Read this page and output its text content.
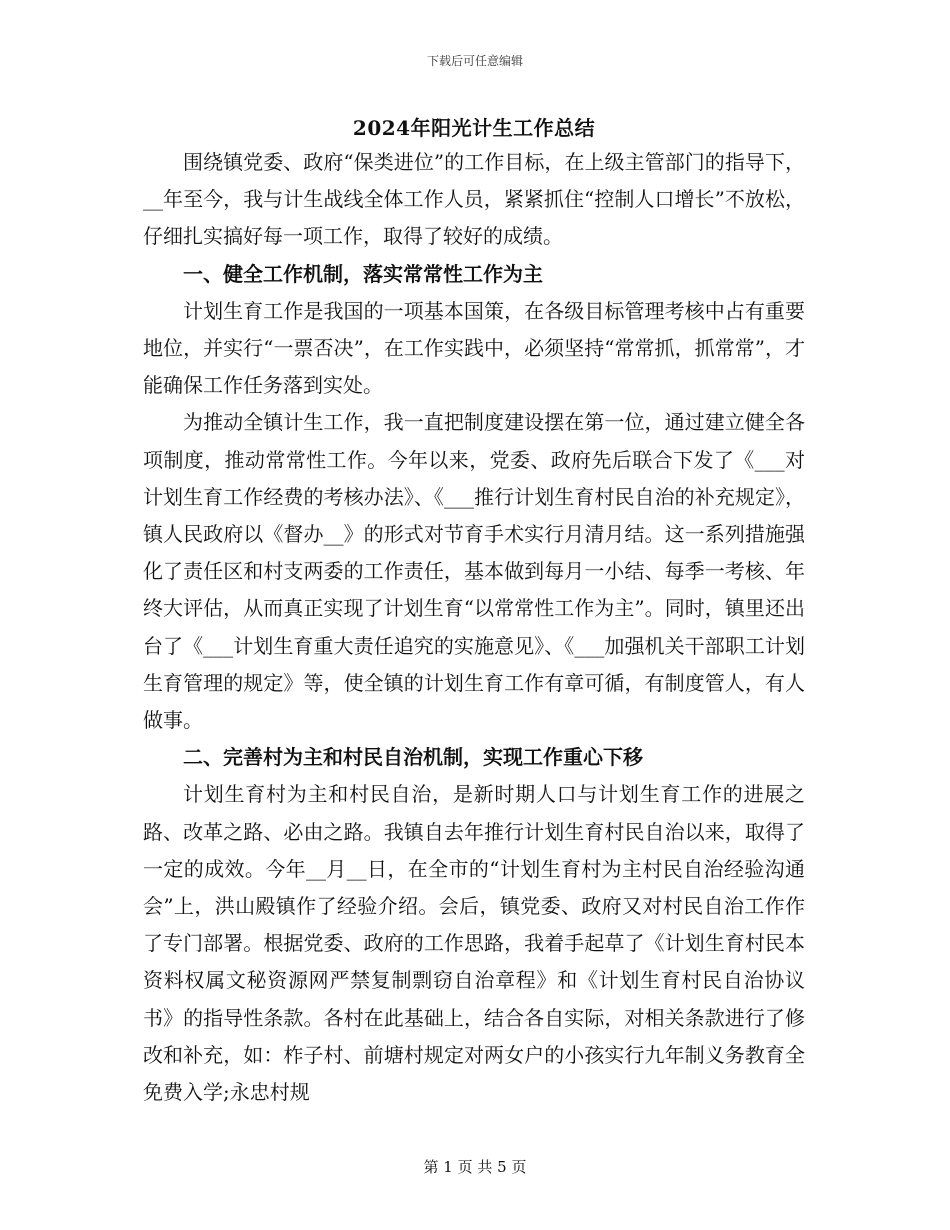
下载后可任意编辑
2024年阳光计生工作总结

围绕镇党委、政府“保类进位”的工作目标，在上级主管部门的指导下，__年至今，我与计生战线全体工作人员，紧紧抓住“控制人口增长”不放松，仔细扎实搞好每一项工作，取得了较好的成绩。

一、健全工作机制，落实常常性工作为主

计划生育工作是我国的一项基本国策，在各级目标管理考核中占有重要地位，并实行“一票否决”，在工作实践中，必须坚持“常常抓，抓常常”，才能确保工作任务落到实处。

为推动全镇计生工作，我一直把制度建设摆在第一位，通过建立健全各项制度，推动常常性工作。今年以来，党委、政府先后联合下发了《___对计划生育工作经费的考核办法》、《___推行计划生育村民自治的补充规定》，镇人民政府以《督办__》的形式对节育手术实行月清月结。这一系列措施强化了责任区和村支两委的工作责任，基本做到每月一小结、每季一考核、年终大评估，从而真正实现了计划生育“以常常性工作为主”。同时，镇里还出台了《___计划生育重大责任追究的实施意见》、《___加强机关干部职工计划生育管理的规定》等，使全镇的计划生育工作有章可循，有制度管人，有人做事。

二、完善村为主和村民自治机制，实现工作重心下移

计划生育村为主和村民自治，是新时期人口与计划生育工作的进展之路、改革之路、必由之路。我镇自去年推行计划生育村民自治以来，取得了一定的成效。今年__月__日，在全市的“计划生育村为主村民自治经验沟通会”上，洪山殿镇作了经验介绍。会后，镇党委、政府又对村民自治工作作了专门部署。根据党委、政府的工作思路，我着手起草了《计划生育村民本资料权属文秘资源网严禁复制剽窃自治章程》和《计划生育村民自治协议书》的指导性条款。各村在此基础上，结合各自实际，对相关条款进行了修改和补充，如：柞子村、前塘村规定对两女户的小孩实行九年制义务教育全免费入学;永忠村规

第 1 页 共 5 页
